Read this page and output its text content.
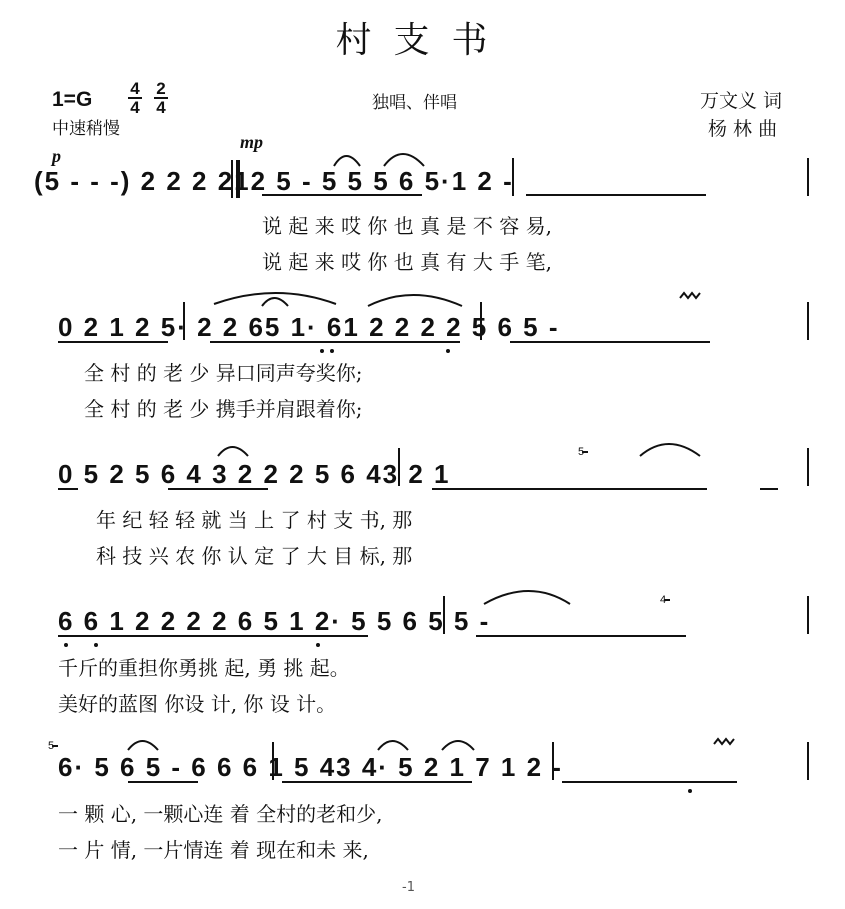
村支书
1=G 4
4
2
4
中速稍慢
独唱、伴唱	万文义 词
杨 林 曲
p
mp
(5 - - -) 2 2 2 212 5 - 5 5 5 6 5·1 2 -
说 起 来 哎 你 也 真 是 不 容 易,
说 起 来 哎 你 也 真 有 大 手 笔,
0 2 1 2 5· 2 2 65 1· 61 2 2 2 2 5 6 5 -
全 村 的 老 少 异口同声夸奖你;
全 村 的 老 少 携手并肩跟着你;
0 5 2 5 6 4 3 2 2 2 5 6 43 2 1
年 纪 轻 轻 就 当 上 了 村 支 书, 那
科 技 兴 农 你 认 定 了 大 目 标, 那
5
6 6 1 2 2 2 2 6 5 1 2· 5 5 6 5 5 -
千斤的重担你勇挑 起, 勇 挑 起。
美好的蓝图 你设 计, 你 设 计。
4
6· 5 6 5 - 6 6 6 1 5 43 4· 5 2 1 7 1 2 -
一 颗 心, 一颗心连 着 全村的老和少,
一 片 情, 一片情连 着 现在和未 来,
5
-1
